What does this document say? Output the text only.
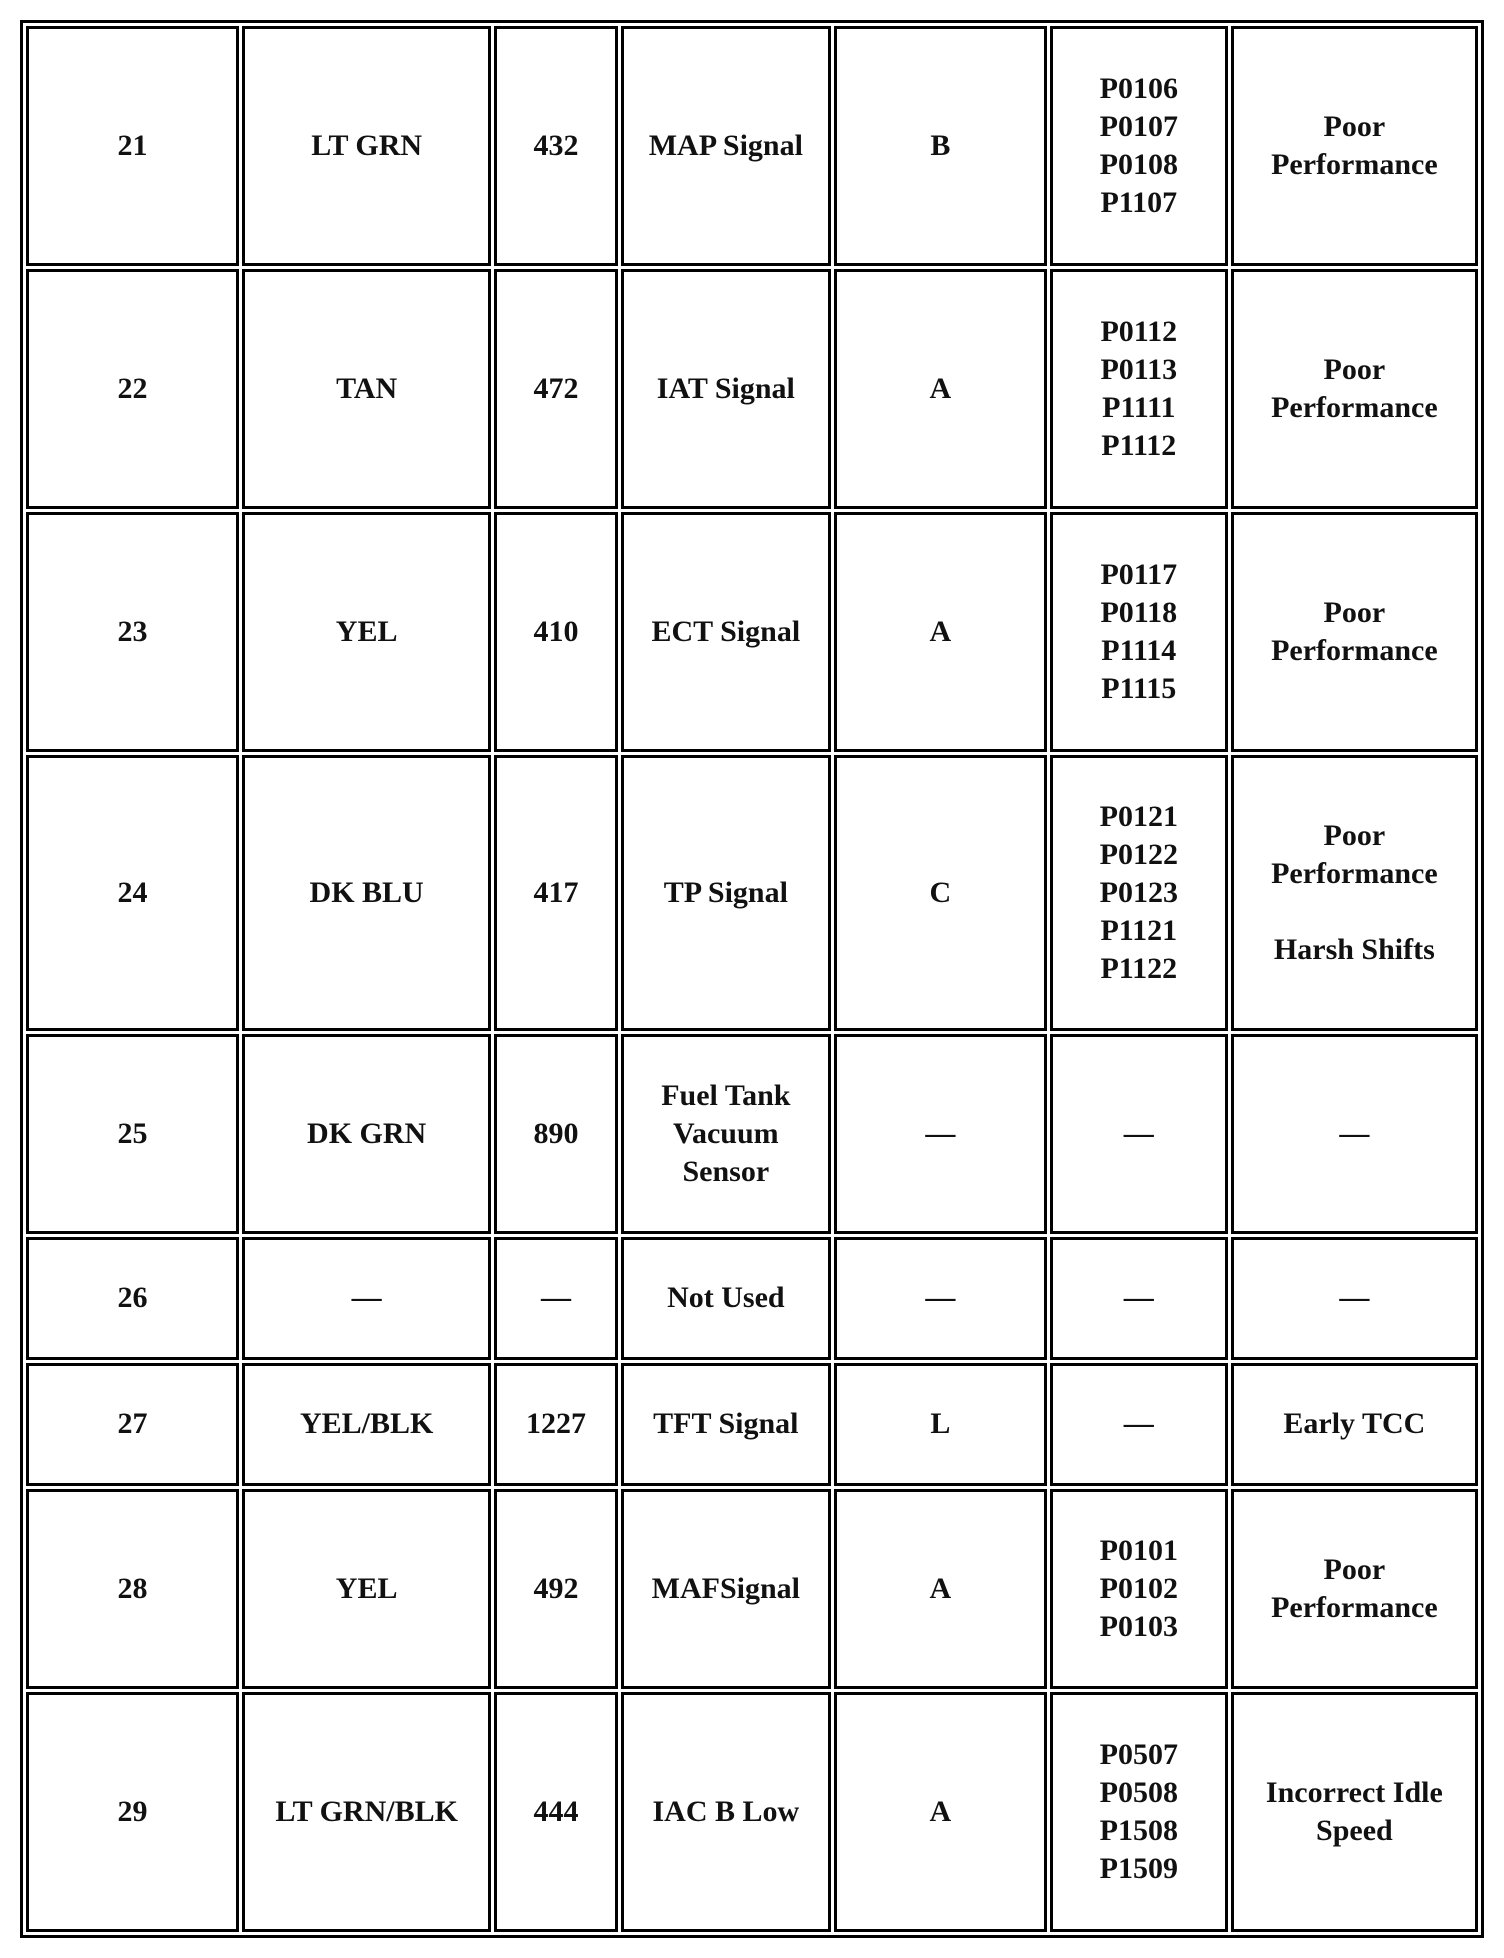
21	LT GRN	432	MAP Signal	B	P0106
P0107
P0108
P1107	Poor
Performance

22	TAN	472	IAT Signal	A	P0112
P0113
P1111
P1112	Poor
Performance

23	YEL	410	ECT Signal	A	P0117
P0118
P1114
P1115	Poor
Performance

24	DK BLU	417	TP Signal	C	P0121
P0122
P0123
P1121
P1122	Poor
Performance
Harsh Shifts

25	DK GRN	890	Fuel Tank
Vacuum
Sensor	—	—	—

26	—	—	Not Used	—	—	—

27	YEL/BLK	1227	TFT Signal	L	—	Early TCC

28	YEL	492	MAFSignal	A	P0101
P0102
P0103	Poor
Performance

29	LT GRN/BLK	444	IAC B Low	A	P0507
P0508
P1508
P1509	Incorrect Idle
Speed
